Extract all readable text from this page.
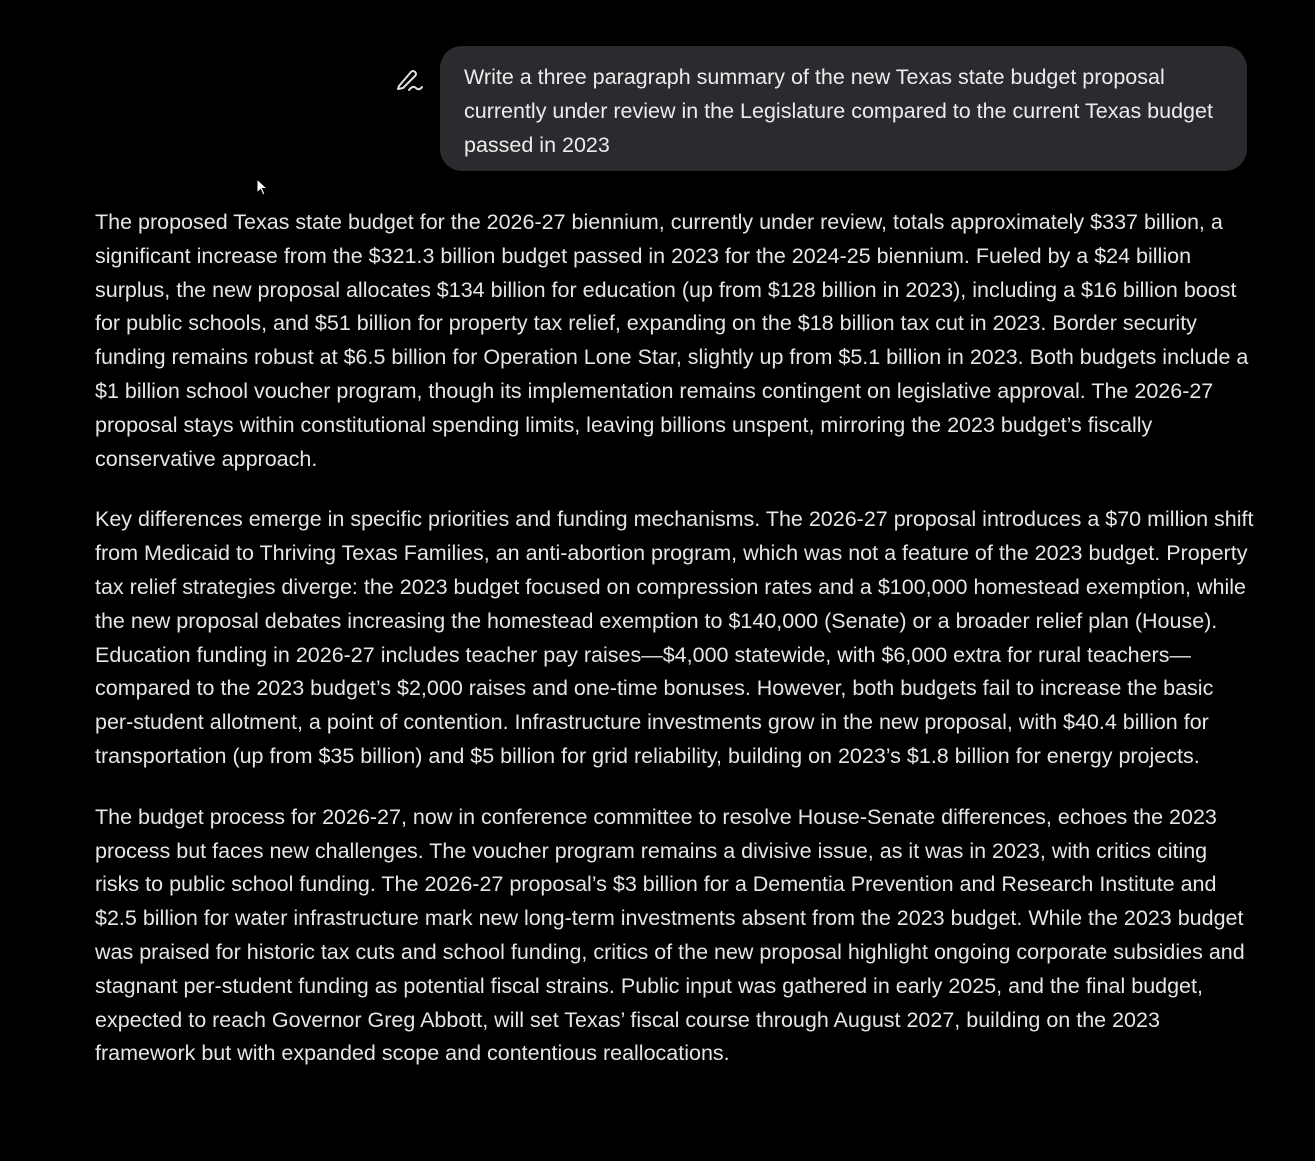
Write a three paragraph summary of the new Texas state budget proposal currently under review in the Legislature compared to the current Texas budget passed in 2023

The proposed Texas state budget for the 2026-27 biennium, currently under review, totals approximately $337 billion, a significant increase from the $321.3 billion budget passed in 2023 for the 2024-25 biennium. Fueled by a $24 billion surplus, the new proposal allocates $134 billion for education (up from $128 billion in 2023), including a $16 billion boost for public schools, and $51 billion for property tax relief, expanding on the $18 billion tax cut in 2023. Border security funding remains robust at $6.5 billion for Operation Lone Star, slightly up from $5.1 billion in 2023. Both budgets include a $1 billion school voucher program, though its implementation remains contingent on legislative approval. The 2026-27 proposal stays within constitutional spending limits, leaving billions unspent, mirroring the 2023 budget’s fiscally conservative approach.

Key differences emerge in specific priorities and funding mechanisms. The 2026-27 proposal introduces a $70 million shift from Medicaid to Thriving Texas Families, an anti-abortion program, which was not a feature of the 2023 budget. Property tax relief strategies diverge: the 2023 budget focused on compression rates and a $100,000 homestead exemption, while the new proposal debates increasing the homestead exemption to $140,000 (Senate) or a broader relief plan (House). Education funding in 2026-27 includes teacher pay raises—$4,000 statewide, with $6,000 extra for rural teachers—compared to the 2023 budget’s $2,000 raises and one-time bonuses. However, both budgets fail to increase the basic per-student allotment, a point of contention. Infrastructure investments grow in the new proposal, with $40.4 billion for transportation (up from $35 billion) and $5 billion for grid reliability, building on 2023’s $1.8 billion for energy projects.

The budget process for 2026-27, now in conference committee to resolve House-Senate differences, echoes the 2023 process but faces new challenges. The voucher program remains a divisive issue, as it was in 2023, with critics citing risks to public school funding. The 2026-27 proposal’s $3 billion for a Dementia Prevention and Research Institute and $2.5 billion for water infrastructure mark new long-term investments absent from the 2023 budget. While the 2023 budget was praised for historic tax cuts and school funding, critics of the new proposal highlight ongoing corporate subsidies and stagnant per-student funding as potential fiscal strains. Public input was gathered in early 2025, and the final budget, expected to reach Governor Greg Abbott, will set Texas’ fiscal course through August 2027, building on the 2023 framework but with expanded scope and contentious reallocations.
